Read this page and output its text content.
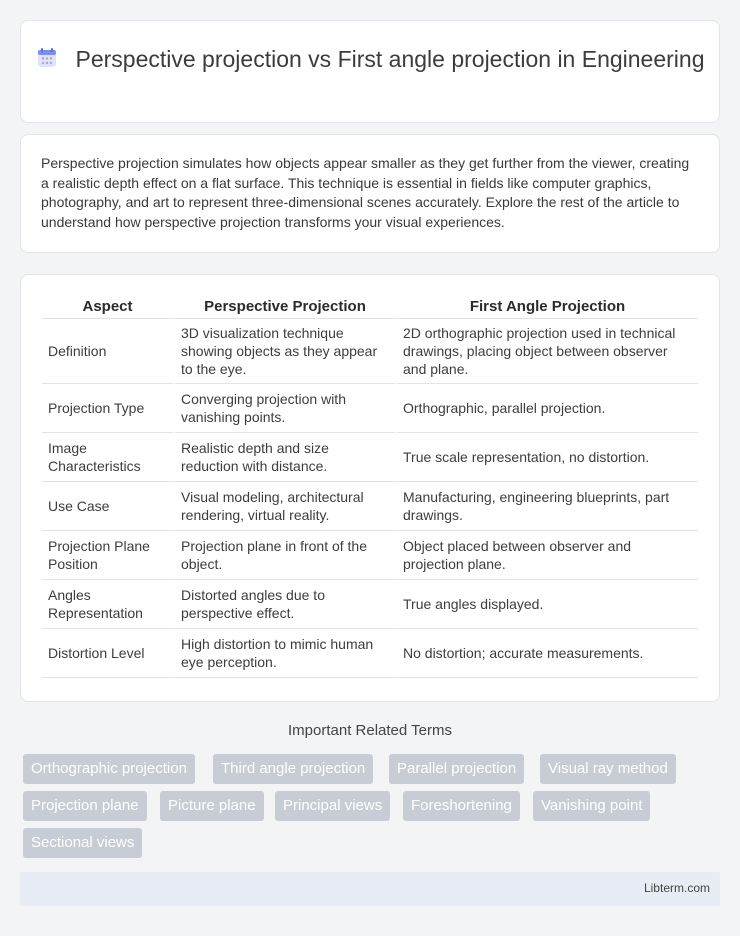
Perspective projection vs First angle projection in Engineering

Perspective projection simulates how objects appear smaller as they get further from the viewer, creating a realistic depth effect on a flat surface. This technique is essential in fields like computer graphics, photography, and art to represent three-dimensional scenes accurately. Explore the rest of the article to understand how perspective projection transforms your visual experiences.

Aspect	Perspective Projection	First Angle Projection
Definition	3D visualization technique showing objects as they appear to the eye.	2D orthographic projection used in technical drawings, placing object between observer and plane.
Projection Type	Converging projection with vanishing points.	Orthographic, parallel projection.
Image Characteristics	Realistic depth and size reduction with distance.	True scale representation, no distortion.
Use Case	Visual modeling, architectural rendering, virtual reality.	Manufacturing, engineering blueprints, part drawings.
Projection Plane Position	Projection plane in front of the object.	Object placed between observer and projection plane.
Angles Representation	Distorted angles due to perspective effect.	True angles displayed.
Distortion Level	High distortion to mimic human eye perception.	No distortion; accurate measurements.
Important Related Terms
Orthographic projection	Third angle projection	Parallel projection	Visual ray method
Projection plane	Picture plane	Principal views	Foreshortening	Vanishing point
Sectional views
Libterm.com
